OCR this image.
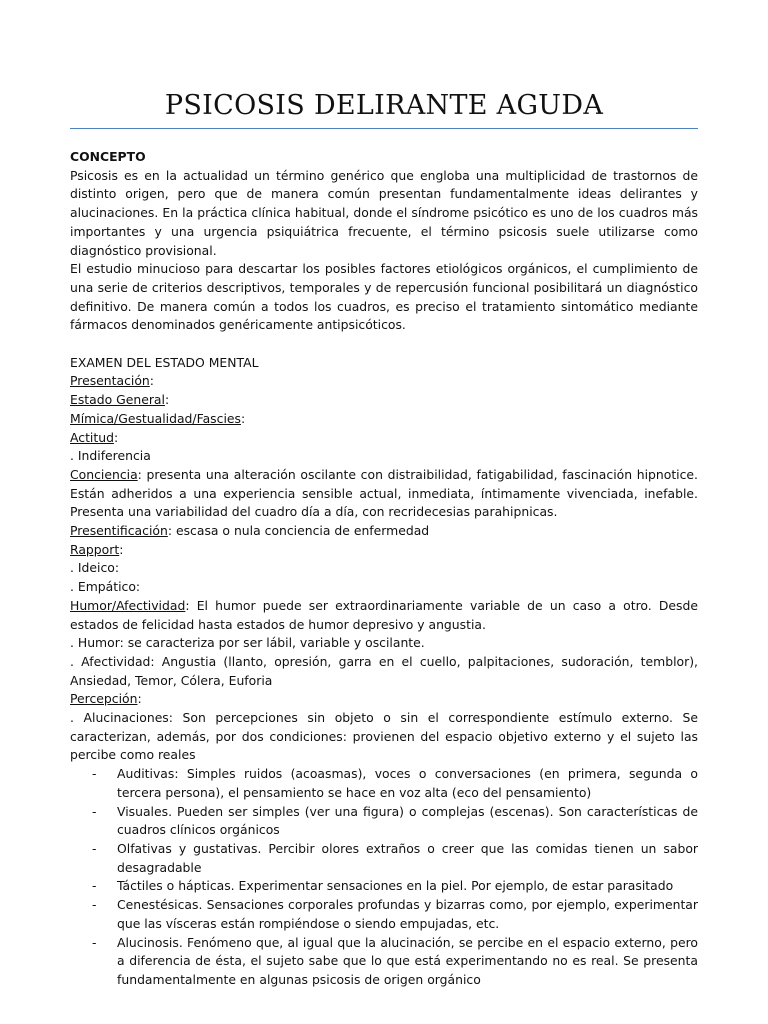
PSICOSIS DELIRANTE AGUDA

CONCEPTO

Psicosis es en la actualidad un término genérico que engloba una multiplicidad de trastornos de distinto origen, pero que de manera común presentan fundamentalmente ideas delirantes y alucinaciones. En la práctica clínica habitual, donde el síndrome psicótico es uno de los cuadros más importantes y una urgencia psiquiátrica frecuente, el término psicosis suele utilizarse como diagnóstico provisional.

El estudio minucioso para descartar los posibles factores etiológicos orgánicos, el cumplimiento de una serie de criterios descriptivos, temporales y de repercusión funcional posibilitará un diagnóstico definitivo. De manera común a todos los cuadros, es preciso el tratamiento sintomático mediante fármacos denominados genéricamente antipsicóticos.

EXAMEN DEL ESTADO MENTAL

Presentación:

Estado General:

Mímica/Gestualidad/Fascies:

Actitud:

. Indiferencia

Conciencia: presenta una alteración oscilante con distraibilidad, fatigabilidad, fascinación hipnotice. Están adheridos a una experiencia sensible actual, inmediata, íntimamente vivenciada, inefable. Presenta una variabilidad del cuadro día a día, con recridecesias parahipnicas.

Presentificación: escasa o nula conciencia de enfermedad

Rapport:

. Ideico:

. Empático:

Humor/Afectividad: El humor puede ser extraordinariamente variable de un caso a otro. Desde estados de felicidad hasta estados de humor depresivo y angustia.

. Humor: se caracteriza por ser lábil, variable y oscilante.

. Afectividad: Angustia (llanto, opresión, garra en el cuello, palpitaciones, sudoración, temblor), Ansiedad, Temor, Cólera, Euforia

Percepción:

. Alucinaciones: Son percepciones sin objeto o sin el correspondiente estímulo externo. Se caracterizan, además, por dos condiciones: provienen del espacio objetivo externo y el sujeto las percibe como reales

- Auditivas: Simples ruidos (acoasmas), voces o conversaciones (en primera, segunda o tercera persona), el pensamiento se hace en voz alta (eco del pensamiento)
- Visuales. Pueden ser simples (ver una figura) o complejas (escenas). Son características de cuadros clínicos orgánicos
- Olfativas y gustativas. Percibir olores extraños o creer que las comidas tienen un sabor desagradable
- Táctiles o hápticas. Experimentar sensaciones en la piel. Por ejemplo, de estar parasitado
- Cenestésicas. Sensaciones corporales profundas y bizarras como, por ejemplo, experimentar que las vísceras están rompiéndose o siendo empujadas, etc.
- Alucinosis. Fenómeno que, al igual que la alucinación, se percibe en el espacio externo, pero a diferencia de ésta, el sujeto sabe que lo que está experimentando no es real. Se presenta fundamentalmente en algunas psicosis de origen orgánico
